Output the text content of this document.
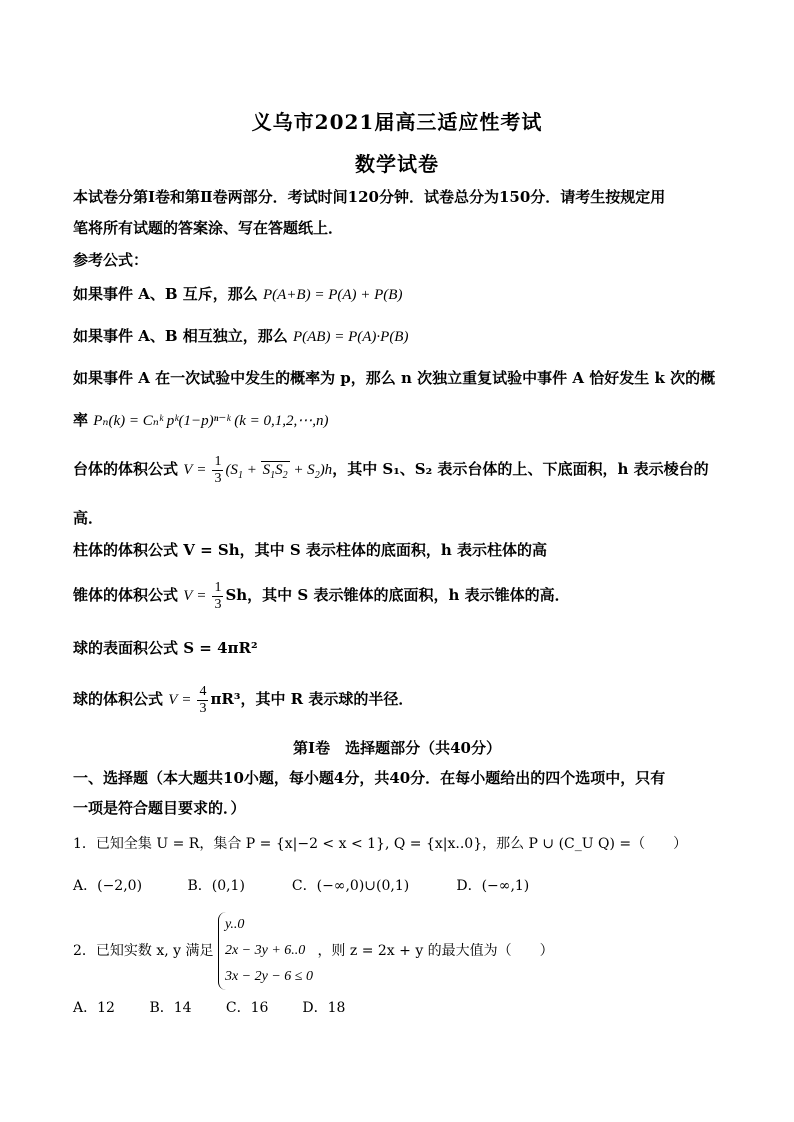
义乌市2021届高三适应性考试
数学试卷
本试卷分第Ⅰ卷和第Ⅱ卷两部分．考试时间120分钟．试卷总分为150分．请考生按规定用
笔将所有试题的答案涂、写在答题纸上．
参考公式：
如果事件 A、B 互斥，那么 P(A+B) = P(A) + P(B)
如果事件 A、B 相互独立，那么 P(AB) = P(A)·P(B)
如果事件 A 在一次试验中发生的概率为 p，那么 n 次独立重复试验中事件 A 恰好发生 k 次的概
率 Pₙ(k) = Cₙᵏ pᵏ(1−p)ⁿ⁻ᵏ (k = 0,1,2,⋯,n)
台体的体积公式 $V = \frac{1}{3} (S_1 + S_1S_2 + S_2)h$，其中 S₁、S₂ 表示台体的上、下底面积，h 表示棱台的
高．
柱体的体积公式 V = Sh，其中 S 表示柱体的底面积，h 表示柱体的高
锥体的体积公式 $V = \frac{1}{3}$ Sh，其中 S 表示锥体的底面积，h 表示锥体的高．
球的表面积公式 S = 4πR²
球的体积公式 $V = \frac{4}{3} \pi R^3$，其中 R 表示球的半径．
第Ⅰ卷　选择题部分（共40分）
一、选择题（本大题共10小题，每小题4分，共40分．在每小题给出的四个选项中，只有
一项是符合题目要求的．）
1．已知全集 U = R，集合 P = {x|−2 < x < 1}, Q = {x|x..0}，那么 P ∪ (C_U Q) =（　　）
A．(−2,0)	B．(0,1)	C．(−∞,0)∪(0,1)	D．(−∞,1)
2．已知实数 x, y 满足
y..0
2x − 3y + 6..0
3x − 2y − 6 ≤ 0
，则 z = 2x + y 的最大值为（　　）
A．12 B．14 C．16 D．18
